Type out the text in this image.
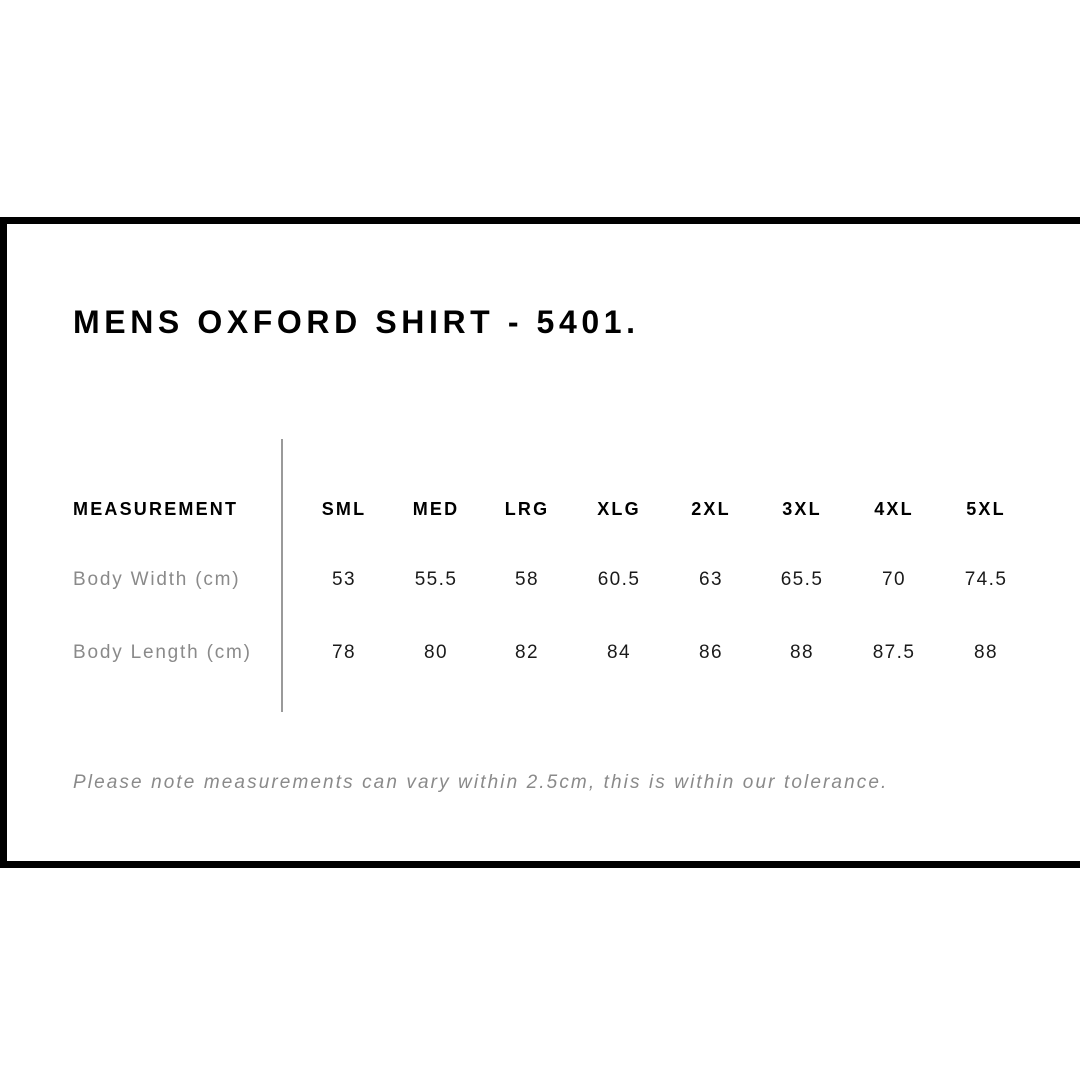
MENS OXFORD SHIRT - 5401.
MEASUREMENT	SML	MED	LRG	XLG	2XL	3XL	4XL	5XL
Body Width (cm)	53	55.5	58	60.5	63	65.5	70	74.5
Body Length (cm)	78	80	82	84	86	88	87.5	88
Please note measurements can vary within 2.5cm, this is within our tolerance.
